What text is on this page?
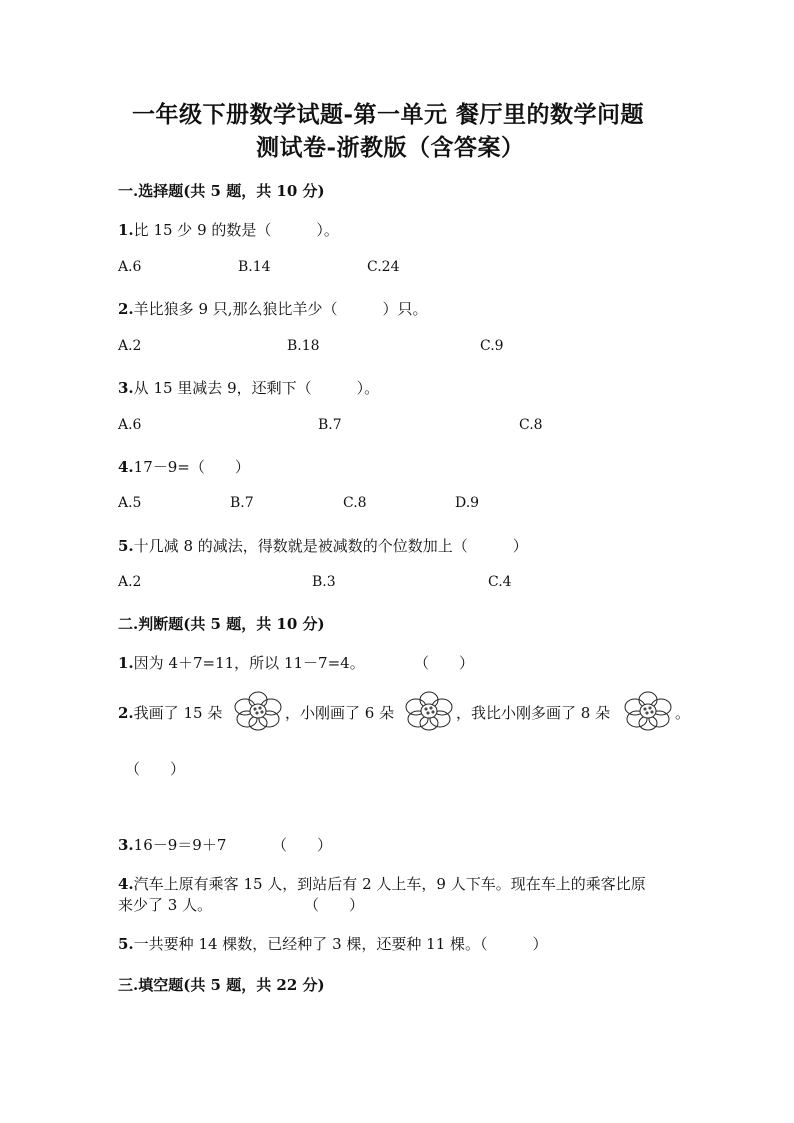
一年级下册数学试题-第一单元 餐厅里的数学问题
测试卷-浙教版（含答案）
一.选择题(共 5 题，共 10 分)
1.比 15 少 9 的数是（　　　）。
A.6	B.14	C.24
2.羊比狼多 9 只,那么狼比羊少（　　　）只。
A.2	B.18	C.9
3.从 15 里减去 9，还剩下（　　　）。
A.6	B.7	C.8
4.17－9=（　　）
A.5	B.7	C.8	D.9
5.十几减 8 的减法，得数就是被减数的个位数加上（　　　）
A.2	B.3	C.4
二.判断题(共 5 题，共 10 分)
1.因为 4＋7=11，所以 11－7=4。	（　　）
2.我画了 15 朵	，小刚画了 6 朵	，我比小刚多画了 8 朵	。
（　　）
3.16－9＝9＋7	（　　）
4.汽车上原有乘客 15 人，到站后有 2 人上车，9 人下车。现在车上的乘客比原
来少了 3 人。	（　　）
5.一共要种 14 棵数，已经种了 3 棵，还要种 11 棵。（　　　）
三.填空题(共 5 题，共 22 分)
